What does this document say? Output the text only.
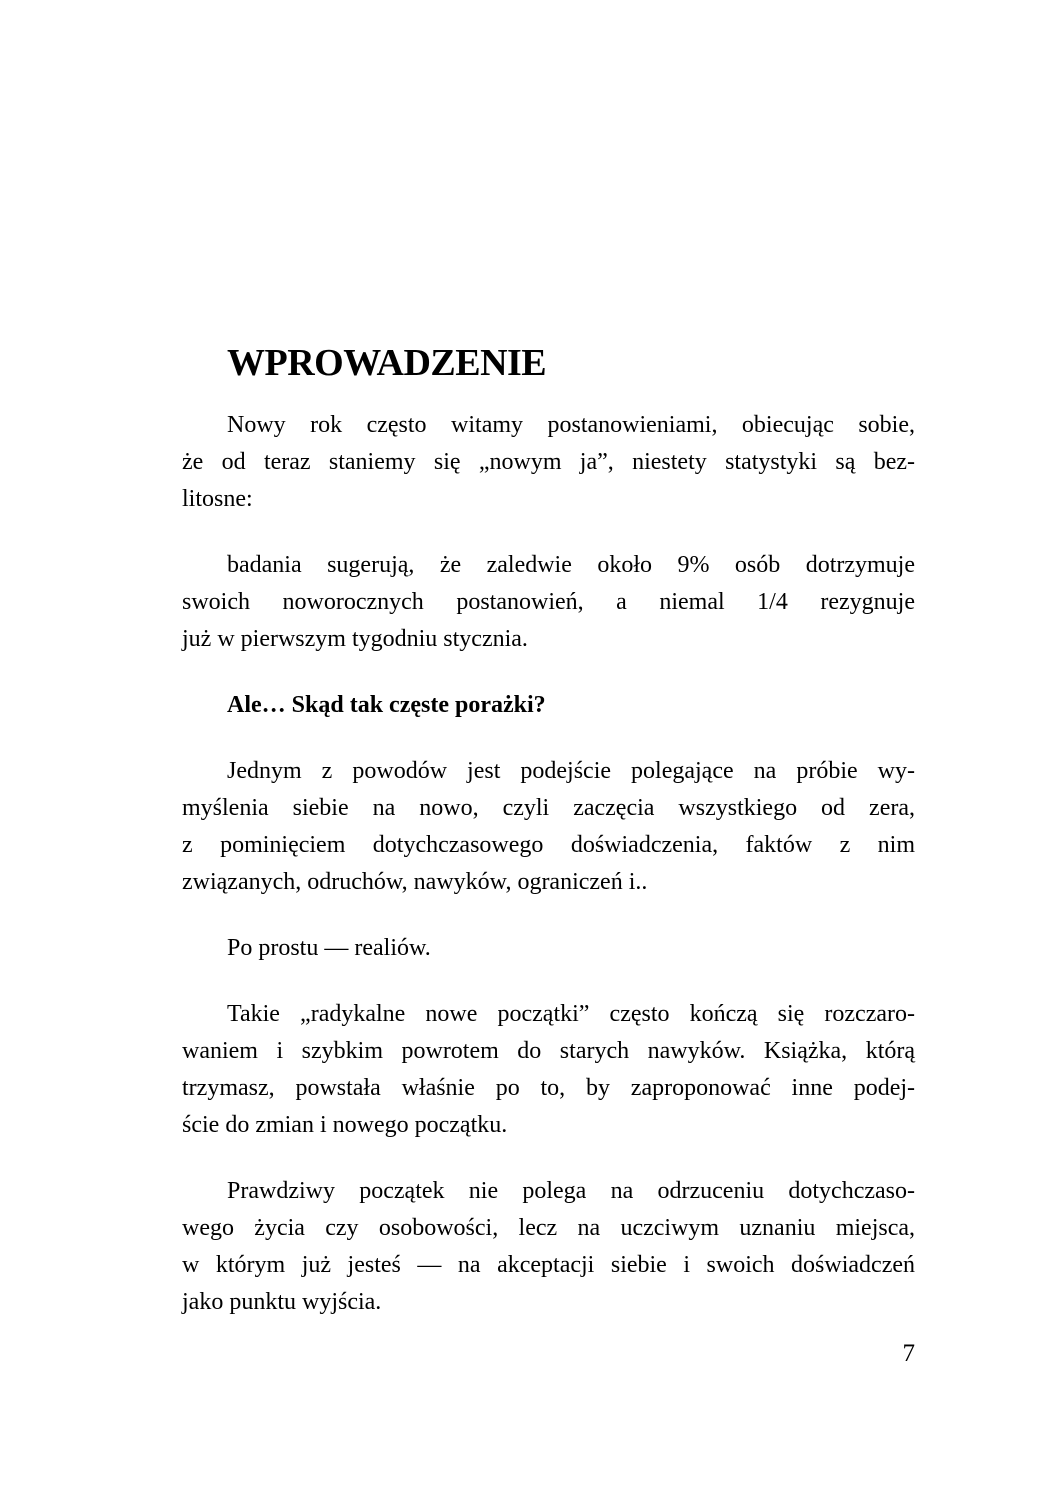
WPROWADZENIE

Nowy rok często witamy postanowieniami, obiecując sobie,
że od teraz staniemy się „nowym ja”, niestety statystyki są bez-
litosne:

badania sugerują, że zaledwie około 9% osób dotrzymuje
swoich noworocznych postanowień, a niemal 1/4 rezygnuje
już w pierwszym tygodniu stycznia.

Ale… Skąd tak częste porażki?

Jednym z powodów jest podejście polegające na próbie wy-
myślenia siebie na nowo, czyli zaczęcia wszystkiego od zera,
z pominięciem dotychczasowego doświadczenia, faktów z nim
związanych, odruchów, nawyków, ograniczeń i..

Po prostu — realiów.

Takie „radykalne nowe początki” często kończą się rozczaro-
waniem i szybkim powrotem do starych nawyków. Książka, którą
trzymasz, powstała właśnie po to, by zaproponować inne podej-
ście do zmian i nowego początku.

Prawdziwy początek nie polega na odrzuceniu dotychczaso-
wego życia czy osobowości, lecz na uczciwym uznaniu miejsca,
w którym już jesteś — na akceptacji siebie i swoich doświadczeń
jako punktu wyjścia.

7
